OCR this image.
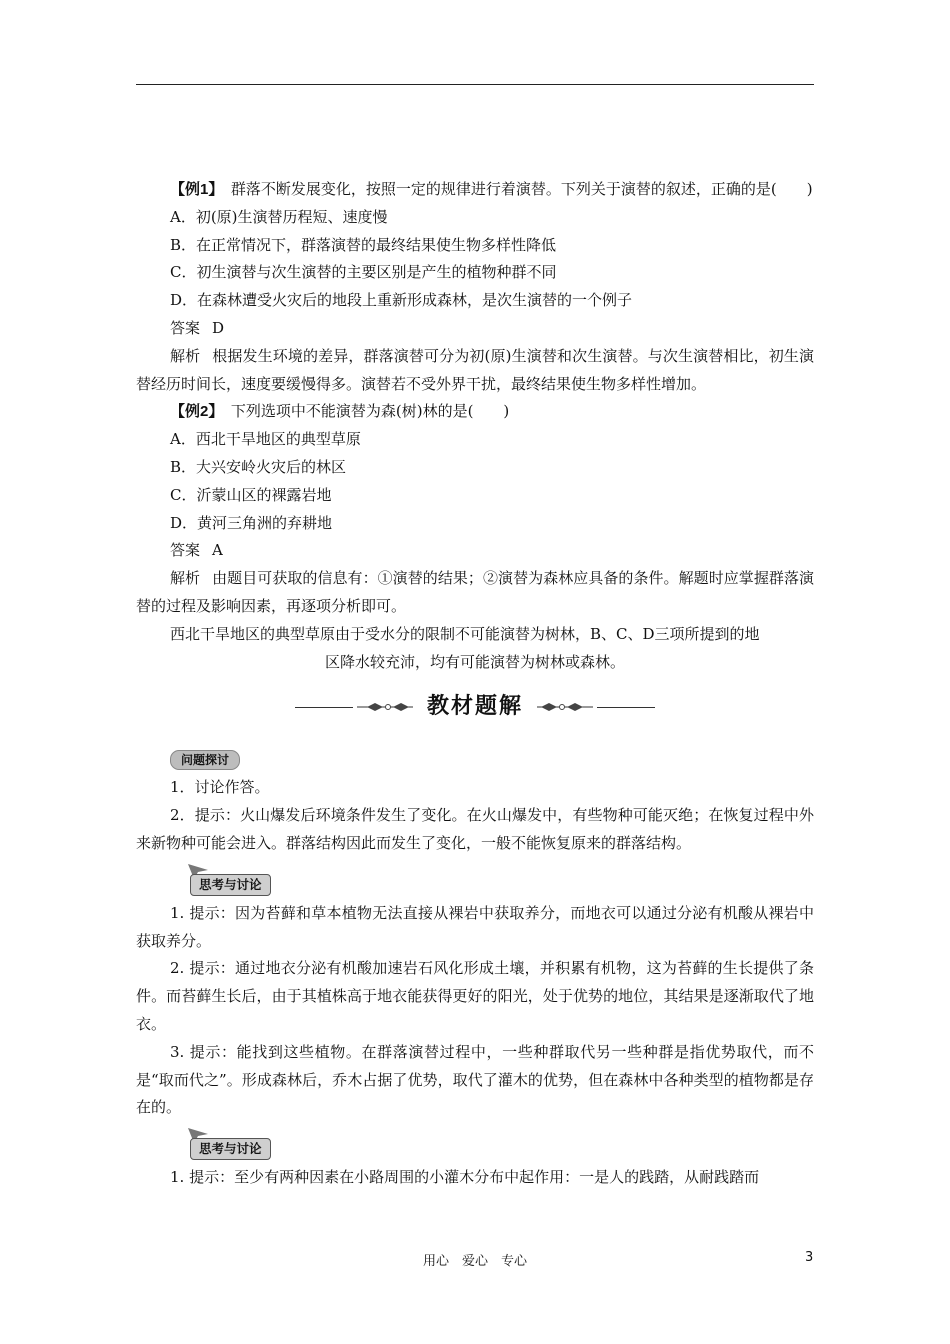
【例1】　 群落不断发展变化，按照一定的规律进行着演替。下列关于演替的叙述，正确的是(　　)

A．初(原)生演替历程短、速度慢

B．在正常情况下，群落演替的最终结果使生物多样性降低

C．初生演替与次生演替的主要区别是产生的植物种群不同

D．在森林遭受火灾后的地段上重新形成森林，是次生演替的一个例子

答案 D

解析 根据发生环境的差异，群落演替可分为初(原)生演替和次生演替。与次生演替相比，初生演替经历时间长，速度要缓慢得多。演替若不受外界干扰，最终结果使生物多样性增加。

【例2】　 下列选项中不能演替为森(树)林的是(　　)

A．西北干旱地区的典型草原

B．大兴安岭火灾后的林区

C．沂蒙山区的裸露岩地

D．黄河三角洲的弃耕地

答案 A

解析 由题目可获取的信息有：①演替的结果；②演替为森林应具备的条件。解题时应掌握群落演替的过程及影响因素，再逐项分析即可。

西北干旱地区的典型草原由于受水分的限制不可能演替为树林，B、C、D三项所提到的地

区降水较充沛，均有可能演替为树林或森林。

教材题解
问题探讨

1．讨论作答。

2．提示：火山爆发后环境条件发生了变化。在火山爆发中，有些物种可能灭绝；在恢复过程中外来新物种可能会进入。群落结构因此而发生了变化，一般不能恢复原来的群落结构。

思考与讨论

1. 提示：因为苔藓和草本植物无法直接从裸岩中获取养分，而地衣可以通过分泌有机酸从裸岩中获取养分。

2. 提示：通过地衣分泌有机酸加速岩石风化形成土壤，并积累有机物，这为苔藓的生长提供了条件。而苔藓生长后，由于其植株高于地衣能获得更好的阳光，处于优势的地位，其结果是逐渐取代了地衣。

3. 提示：能找到这些植物。在群落演替过程中，一些种群取代另一些种群是指优势取代，而不是“取而代之”。形成森林后，乔木占据了优势，取代了灌木的优势，但在森林中各种类型的植物都是存在的。

思考与讨论

1. 提示：至少有两种因素在小路周围的小灌木分布中起作用：一是人的践踏，从耐践踏而

用心　爱心　专心	3
